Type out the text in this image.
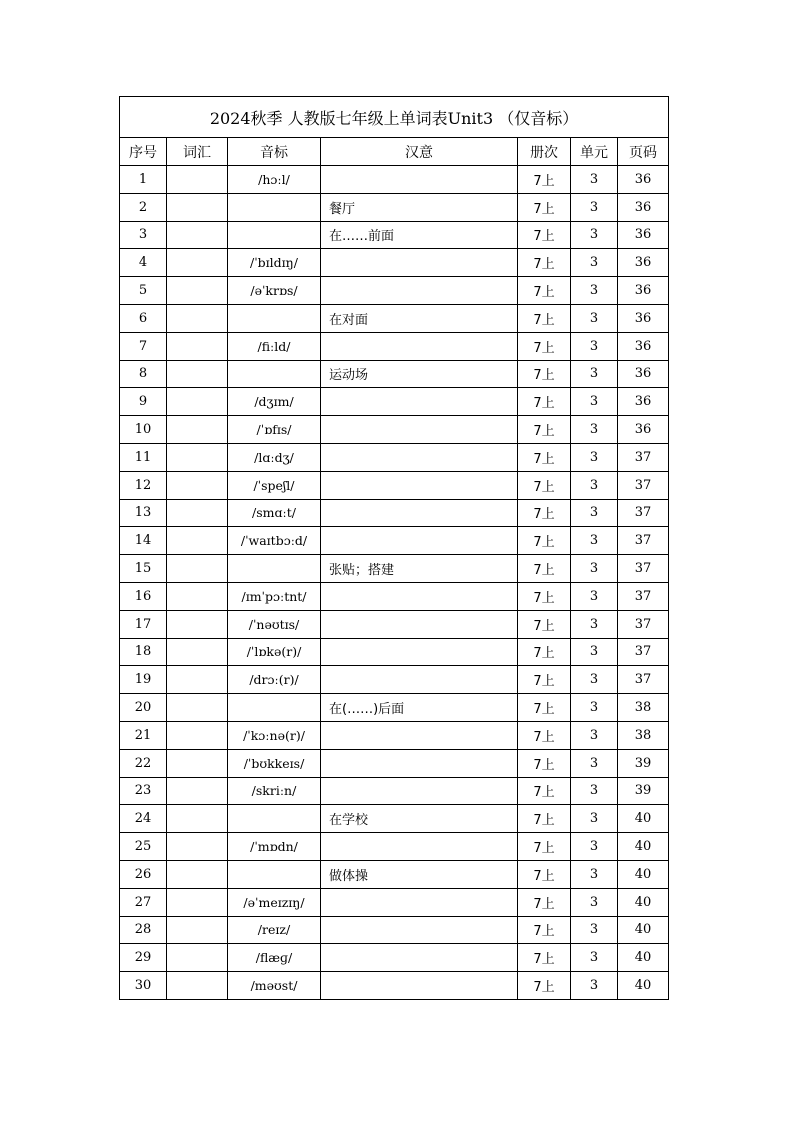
2024秋季 人教版七年级上单词表Unit3 （仅音标）						
序号	词汇	音标	汉意	册次	单元	页码
1		/hɔːl/		7上	3	36
2			餐厅	7上	3	36
3			在……前面	7上	3	36
4		/ˈbɪldɪŋ/		7上	3	36
5		/əˈkrɒs/		7上	3	36
6			在对面	7上	3	36
7		/fiːld/		7上	3	36
8			运动场	7上	3	36
9		/dʒɪm/		7上	3	36
10		/ˈɒfɪs/		7上	3	36
11		/lɑːdʒ/		7上	3	37
12		/ˈspeʃl/		7上	3	37
13		/smɑːt/		7上	3	37
14		/ˈwaɪtbɔːd/		7上	3	37
15			张贴；搭建	7上	3	37
16		/ɪmˈpɔːtnt/		7上	3	37
17		/ˈnəʊtɪs/		7上	3	37
18		/ˈlɒkə(r)/		7上	3	37
19		/drɔː(r)/		7上	3	37
20			在(……)后面	7上	3	38
21		/ˈkɔːnə(r)/		7上	3	38
22		/ˈbʊkkeɪs/		7上	3	39
23		/skriːn/		7上	3	39
24			在学校	7上	3	40
25		/ˈmɒdn/		7上	3	40
26			做体操	7上	3	40
27		/əˈmeɪzɪŋ/		7上	3	40
28		/reɪz/		7上	3	40
29		/flæɡ/		7上	3	40
30		/məʊst/		7上	3	40
